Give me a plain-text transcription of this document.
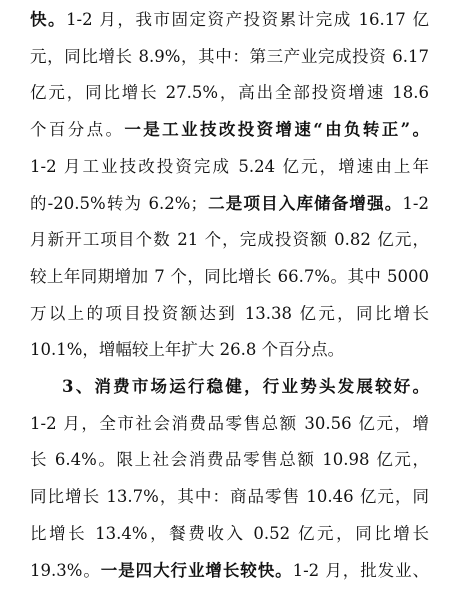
快。1-2 月，我市固定资产投资累计完成 16.17 亿
元，同比增长 8.9%，其中：第三产业完成投资 6.17
亿元，同比增长 27.5%，高出全部投资增速 18.6
个百分点。一是工业技改投资增速“由负转正”。
1-2 月工业技改投资完成 5.24 亿元，增速由上年
的-20.5%转为 6.2%；二是项目入库储备增强。1-2
月新开工项目个数 21 个，完成投资额 0.82 亿元，
较上年同期增加 7 个，同比增长 66.7%。其中 5000
万以上的项目投资额达到 13.38 亿元，同比增长
10.1%，增幅较上年扩大 26.8 个百分点。
3、消费市场运行稳健，行业势头发展较好。
1-2 月，全市社会消费品零售总额 30.56 亿元，增
长 6.4%。限上社会消费品零售总额 10.98 亿元，
同比增长 13.7%，其中：商品零售 10.46 亿元，同
比增长 13.4%，餐费收入 0.52 亿元，同比增长
19.3%。一是四大行业增长较快。1-2 月，批发业、
